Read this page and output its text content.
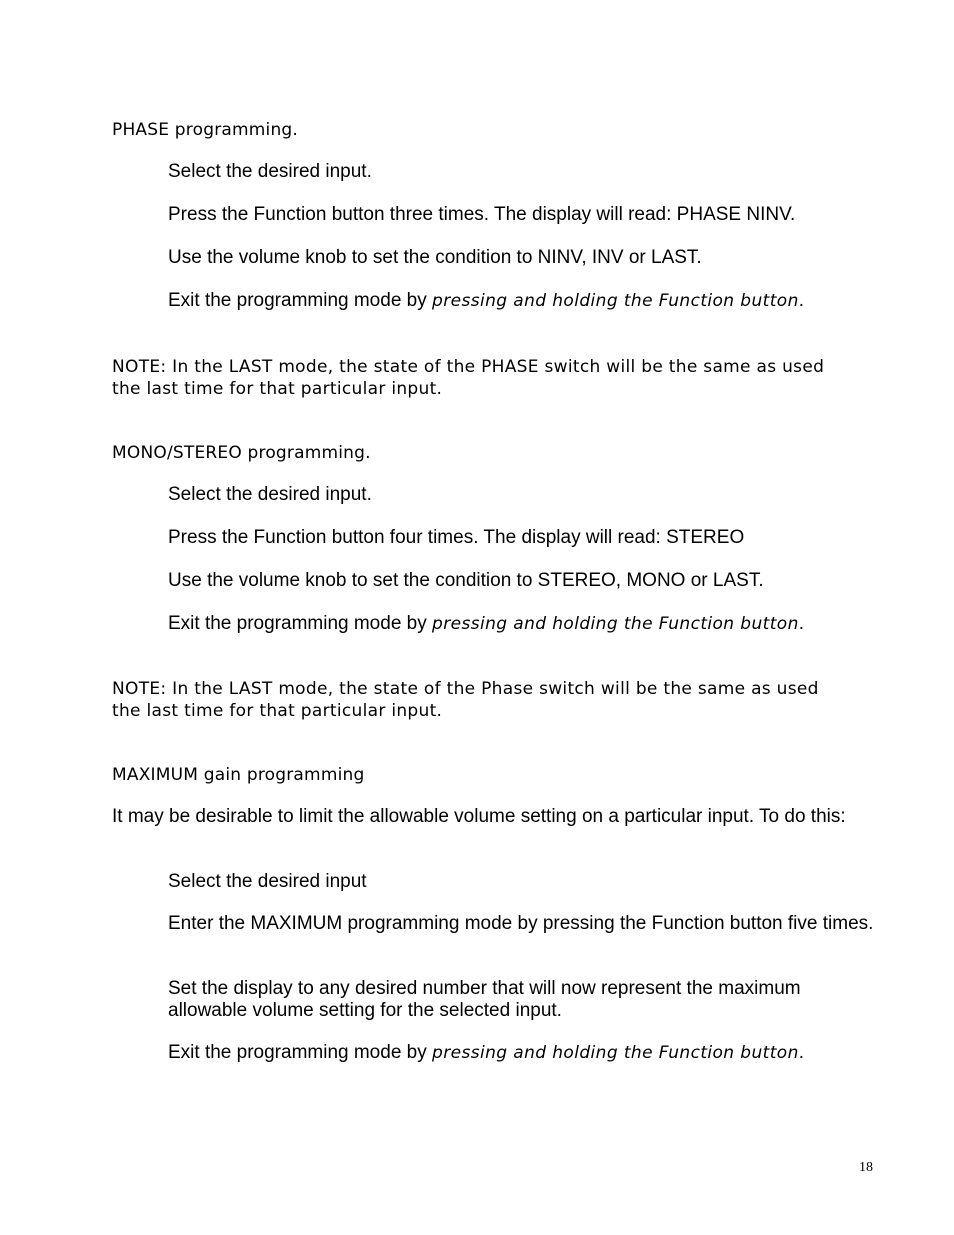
PHASE programming.
Select the desired input.
Press the Function button three times. The display will read: PHASE NINV.
Use the volume knob to set the condition to NINV, INV or LAST.
Exit the programming mode by pressing and holding the Function button.
NOTE: In the LAST mode, the state of the PHASE switch will be the same as used the last time for that particular input.
MONO/STEREO programming.
Select the desired input.
Press the Function button four times. The display will read: STEREO
Use the volume knob to set the condition to STEREO, MONO or LAST.
Exit the programming mode by pressing and holding the Function button.
NOTE: In the LAST mode, the state of the Phase switch will be the same as used the last time for that particular input.
MAXIMUM gain programming
It may be desirable to limit the allowable volume setting on a particular input. To do this:
Select the desired input
Enter the MAXIMUM programming mode by pressing the Function button five times.
Set the display to any desired number that will now represent the maximum allowable volume setting for the selected input.
Exit the programming mode by pressing and holding the Function button.
18
